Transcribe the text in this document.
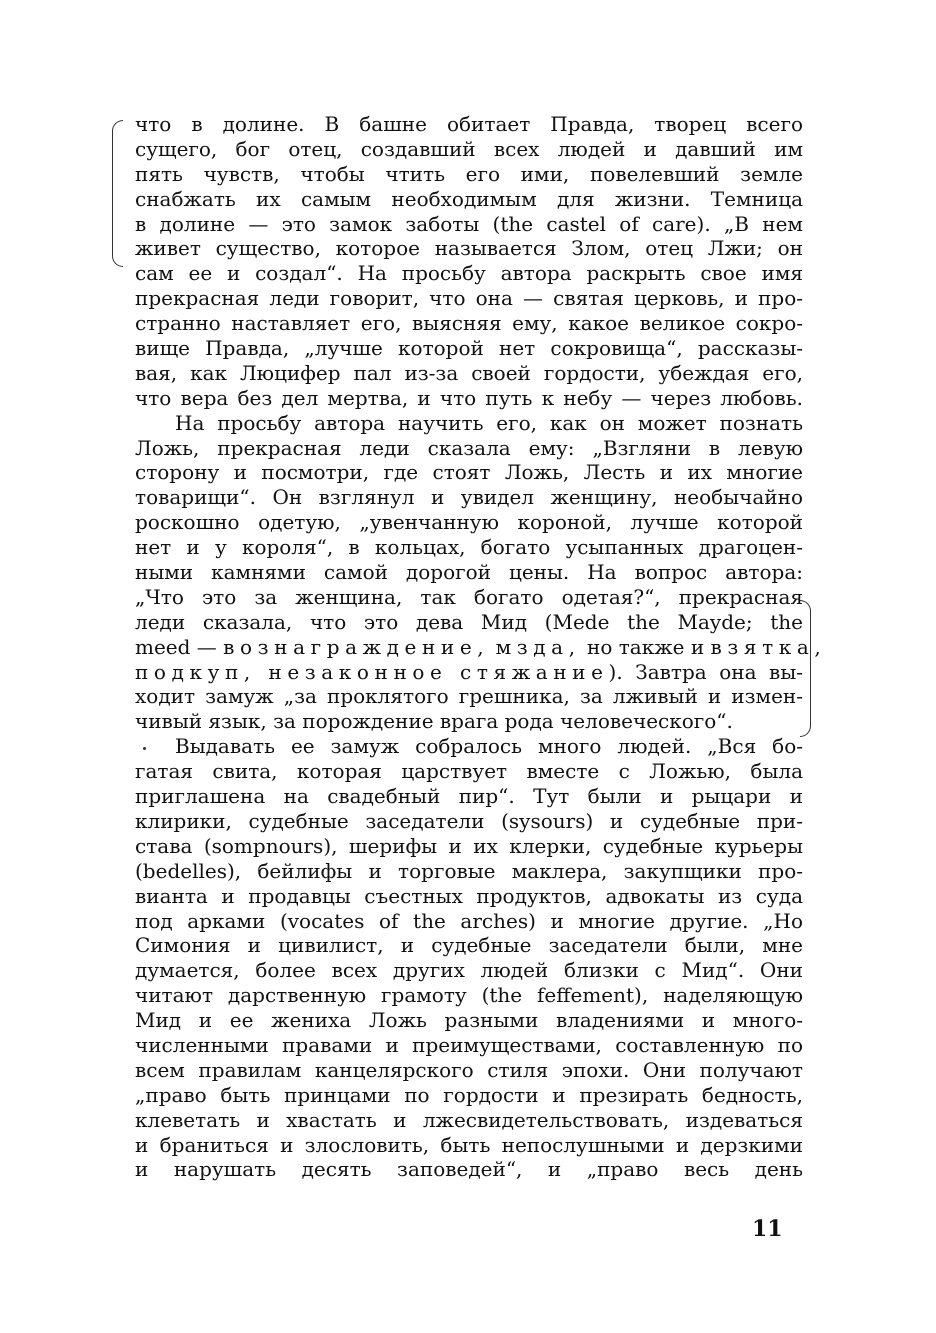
что в долине. В башне обитает Правда, творец всего
сущего, бог отец, создавший всех людей и давший им
пять чувств, чтобы чтить его ими, повелевший земле
снабжать их самым необходимым для жизни. Темница
в долине — это замок заботы (the castel of care). „В нем
живет существо, которое называется Злом, отец Лжи; он
сам ее и создал“. На просьбу автора раскрыть свое имя
прекрасная леди говорит, что она — святая церковь, и про-
странно наставляет его, выясняя ему, какое великое сокро-
вище Правда, „лучше которой нет сокровища“, рассказы-
вая, как Люцифер пал из-за своей гордости, убеждая его,
что вера без дел мертва, и что путь к небу — через любовь.
На просьбу автора научить его, как он может познать
Ложь, прекрасная леди сказала ему: „Взгляни в левую
сторону и посмотри, где стоят Ложь, Лесть и их многие
товарищи“. Он взглянул и увидел женщину, необычайно
роскошно одетую, „увенчанную короной, лучше которой
нет и у короля“, в кольцах, богато усыпанных драгоцен-
ными камнями самой дорогой цены. На вопрос автора:
„Что это за женщина, так богато одетая?“, прекрасная
леди сказала, что это дева Мид (Mede the Mayde; the
meed — вознаграждение, мзда, но также и взятка,
подкуп, незаконное стяжание). Завтра она вы-
ходит замуж „за проклятого грешника, за лживый и измен-
чивый язык, за порождение врага рода человеческого“.
Выдавать ее замуж собралось много людей. „Вся бо-
гатая свита, которая царствует вместе с Ложью, была
приглашена на свадебный пир“. Тут были и рыцари и
клирики, судебные заседатели (sysours) и судебные при-
става (somрnours), шерифы и их клерки, судебные курьеры
(bedelles), бейлифы и торговые маклера, закупщики про-
вианта и продавцы съестных продуктов, адвокаты из суда
под арками (vocates of the arches) и многие другие. „Но
Симония и цивилист, и судебные заседатели были, мне
думается, более всех других людей близки с Мид“. Они
читают дарственную грамоту (the feffement), наделяющую
Мид и ее жениха Ложь разными владениями и много-
численными правами и преимуществами, составленную по
всем правилам канцелярского стиля эпохи. Они получают
„право быть принцами по гордости и презирать бедность,
клеветать и хвастать и лжесвидетельствовать, издеваться
и браниться и злословить, быть непослушными и дерзкими
и нарушать десять заповедей“, и „право весь день
11
